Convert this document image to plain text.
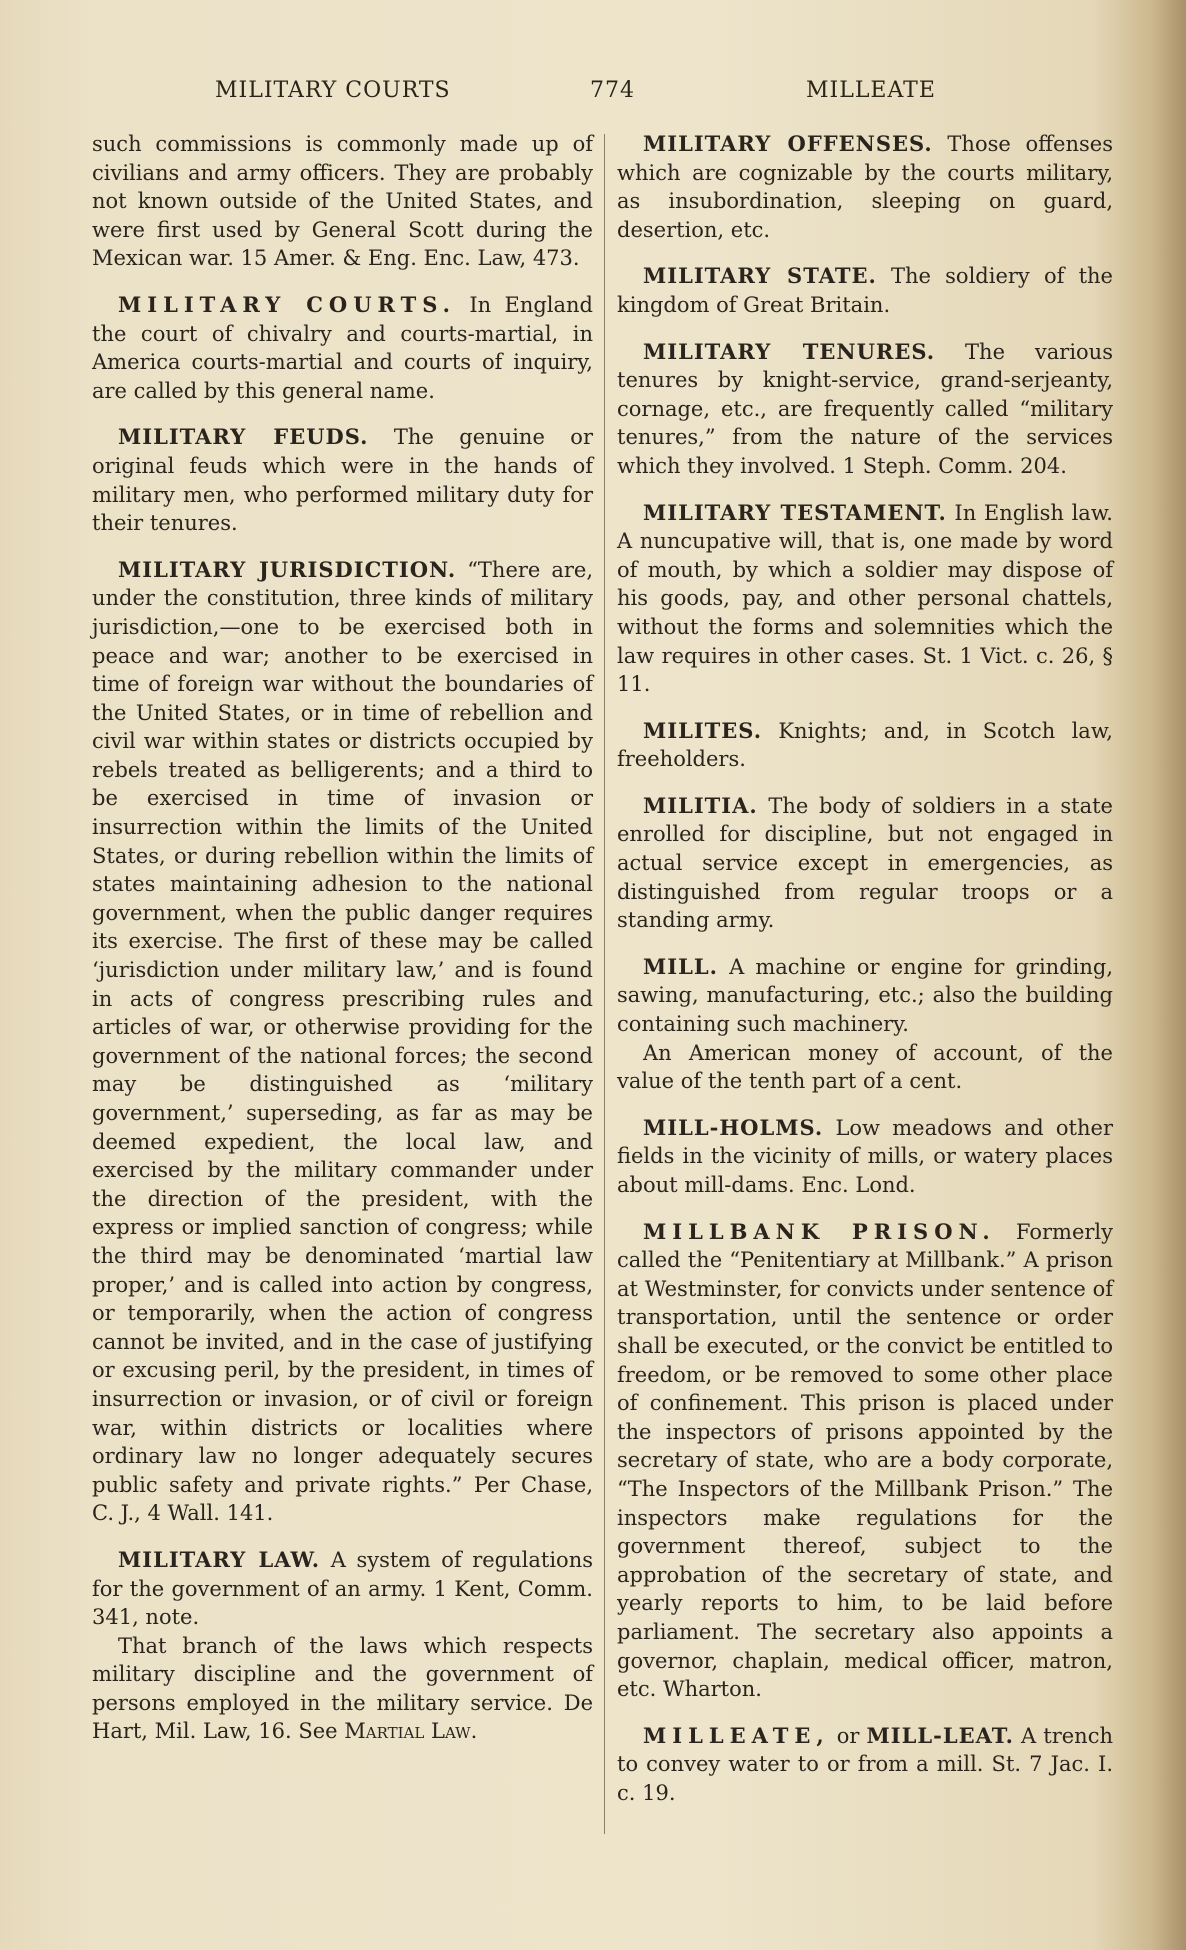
MILITARY COURTS	774	MILLEATE

such commissions is commonly made up of civilians and army officers. They are probably not known outside of the United States, and were first used by General Scott during the Mexican war. 15 Amer. & Eng. Enc. Law, 473.

MILITARY COURTS. In England the court of chivalry and courts-martial, in America courts-martial and courts of inquiry, are called by this general name.

MILITARY FEUDS. The genuine or original feuds which were in the hands of military men, who performed military duty for their tenures.

MILITARY JURISDICTION. “There are, under the constitution, three kinds of military jurisdiction,—one to be exercised both in peace and war; another to be exercised in time of foreign war without the boundaries of the United States, or in time of rebellion and civil war within states or districts occupied by rebels treated as belligerents; and a third to be exercised in time of invasion or insurrection within the limits of the United States, or during rebellion within the limits of states maintaining adhesion to the national government, when the public danger requires its exercise. The first of these may be called ‘jurisdiction under military law,’ and is found in acts of congress prescribing rules and articles of war, or otherwise providing for the government of the national forces; the second may be distinguished as ‘military government,’ superseding, as far as may be deemed expedient, the local law, and exercised by the military commander under the direction of the president, with the express or implied sanction of congress; while the third may be denominated ‘martial law proper,’ and is called into action by congress, or temporarily, when the action of congress cannot be invited, and in the case of justifying or excusing peril, by the president, in times of insurrection or invasion, or of civil or foreign war, within districts or localities where ordinary law no longer adequately secures public safety and private rights.” Per Chase, C. J., 4 Wall. 141.

MILITARY LAW. A system of regulations for the government of an army. 1 Kent, Comm. 341, note.

That branch of the laws which respects military discipline and the government of persons employed in the military service. De Hart, Mil. Law, 16. See Martial Law.

MILITARY OFFENSES. Those offenses which are cognizable by the courts military, as insubordination, sleeping on guard, desertion, etc.

MILITARY STATE. The soldiery of the kingdom of Great Britain.

MILITARY TENURES. The various tenures by knight-service, grand-serjeanty, cornage, etc., are frequently called “military tenures,” from the nature of the services which they involved. 1 Steph. Comm. 204.

MILITARY TESTAMENT. In English law. A nuncupative will, that is, one made by word of mouth, by which a soldier may dispose of his goods, pay, and other personal chattels, without the forms and solemnities which the law requires in other cases. St. 1 Vict. c. 26, § 11.

MILITES. Knights; and, in Scotch law, freeholders.

MILITIA. The body of soldiers in a state enrolled for discipline, but not engaged in actual service except in emergencies, as distinguished from regular troops or a standing army.

MILL. A machine or engine for grinding, sawing, manufacturing, etc.; also the building containing such machinery.

An American money of account, of the value of the tenth part of a cent.

MILL-HOLMS. Low meadows and other fields in the vicinity of mills, or watery places about mill-dams. Enc. Lond.

MILLBANK PRISON. Formerly called the “Penitentiary at Millbank.” A prison at Westminster, for convicts under sentence of transportation, until the sentence or order shall be executed, or the convict be entitled to freedom, or be removed to some other place of confinement. This prison is placed under the inspectors of prisons appointed by the secretary of state, who are a body corporate, “The Inspectors of the Millbank Prison.” The inspectors make regulations for the government thereof, subject to the approbation of the secretary of state, and yearly reports to him, to be laid before parliament. The secretary also appoints a governor, chaplain, medical officer, matron, etc. Wharton.

MILLEATE, or MILL-LEAT. A trench to convey water to or from a mill. St. 7 Jac. I. c. 19.
